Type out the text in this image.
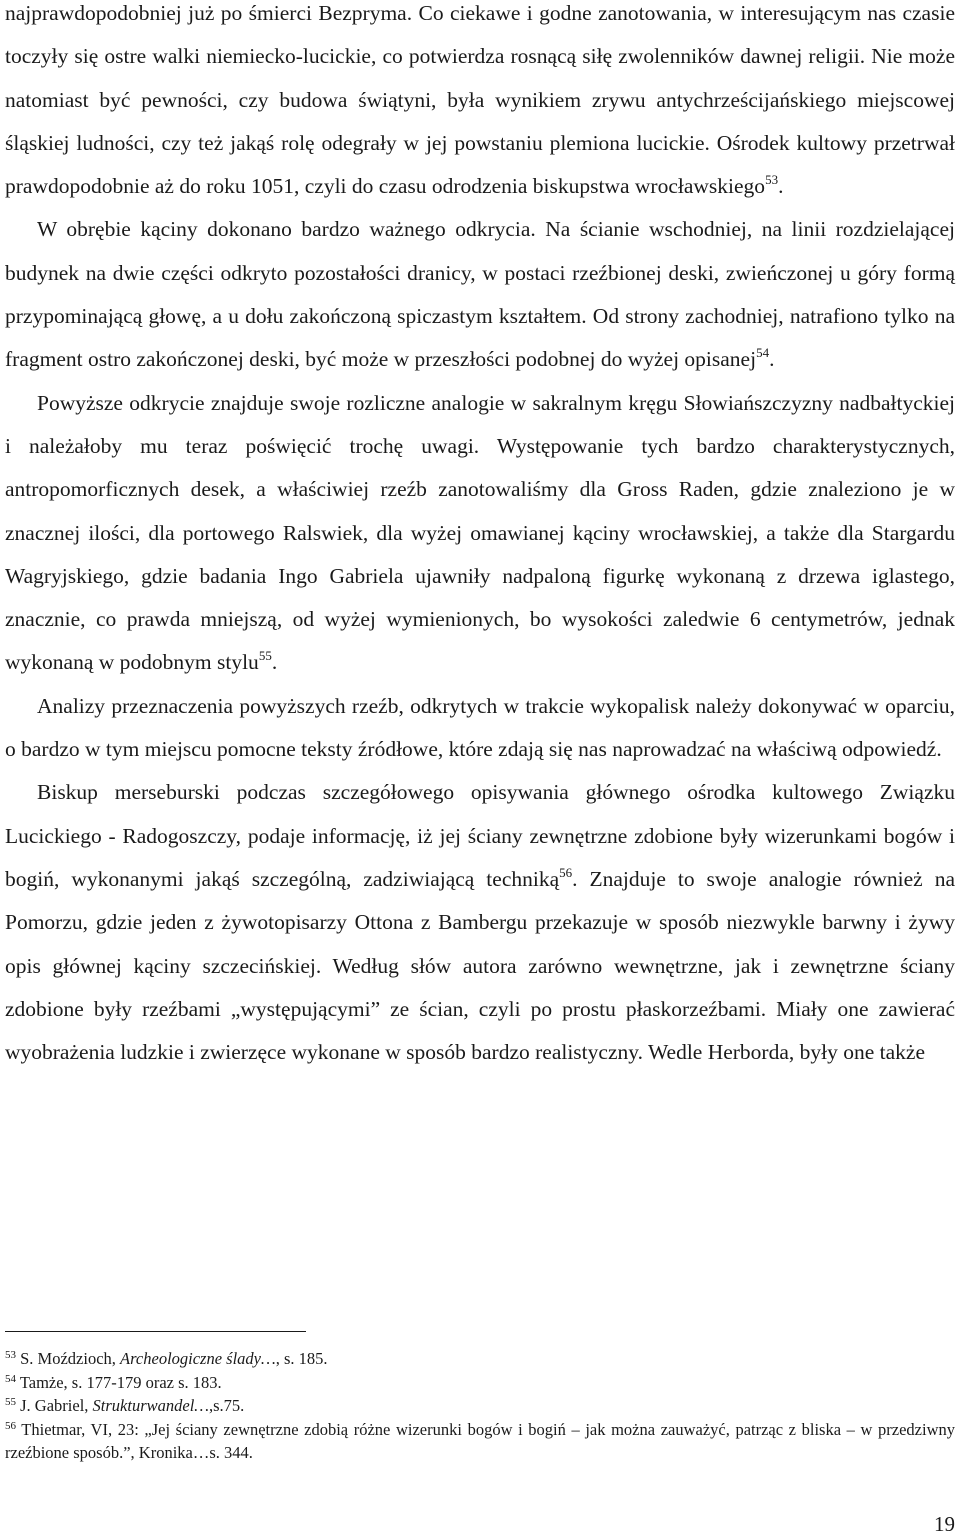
najprawdopodobniej już po śmierci Bezpryma. Co ciekawe i godne zanotowania, w interesującym nas czasie toczyły się ostre walki niemiecko-lucickie, co potwierdza rosnącą siłę zwolenników dawnej religii. Nie może natomiast być pewności, czy budowa świątyni, była wynikiem zrywu antychrześcijańskiego miejscowej śląskiej ludności, czy też jakąś rolę odegrały w jej powstaniu plemiona lucickie. Ośrodek kultowy przetrwał prawdopodobnie aż do roku 1051, czyli do czasu odrodzenia biskupstwa wrocławskiego$^{53}$.

W obrębie kąciny dokonano bardzo ważnego odkrycia. Na ścianie wschodniej, na linii rozdzielającej budynek na dwie części odkryto pozostałości dranicy, w postaci rzeźbionej deski, zwieńczonej u góry formą przypominającą głowę, a u dołu zakończoną spiczastym kształtem. Od strony zachodniej, natrafiono tylko na fragment ostro zakończonej deski, być może w przeszłości podobnej do wyżej opisanej$^{54}$.

Powyższe odkrycie znajduje swoje rozliczne analogie w sakralnym kręgu Słowiańszczyzny nadbałtyckiej i należałoby mu teraz poświęcić trochę uwagi. Występowanie tych bardzo charakterystycznych, antropomorficznych desek, a właściwiej rzeźb zanotowaliśmy dla Gross Raden, gdzie znaleziono je w znacznej ilości, dla portowego Ralswiek, dla wyżej omawianej kąciny wrocławskiej, a także dla Stargardu Wagryjskiego, gdzie badania Ingo Gabriela ujawniły nadpaloną figurkę wykonaną z drzewa iglastego, znacznie, co prawda mniejszą, od wyżej wymienionych, bo wysokości zaledwie 6 centymetrów, jednak wykonaną w podobnym stylu$^{55}$.

Analizy przeznaczenia powyższych rzeźb, odkrytych w trakcie wykopalisk należy dokonywać w oparciu, o bardzo w tym miejscu pomocne teksty źródłowe, które zdają się nas naprowadzać na właściwą odpowiedź.

Biskup merseburski podczas szczegółowego opisywania głównego ośrodka kultowego Związku Lucickiego - Radogoszczy, podaje informację, iż jej ściany zewnętrzne zdobione były wizerunkami bogów i bogiń, wykonanymi jakąś szczególną, zadziwiającą techniką$^{56}$. Znajduje to swoje analogie również na Pomorzu, gdzie jeden z żywotopisarzy Ottona z Bambergu przekazuje w sposób niezwykle barwny i żywy opis głównej kąciny szczecińskiej. Według słów autora zarówno wewnętrzne, jak i zewnętrzne ściany zdobione były rzeźbami „występującymi” ze ścian, czyli po prostu płaskorzeźbami. Miały one zawierać wyobrażenia ludzkie i zwierzęce wykonane w sposób bardzo realistyczny. Wedle Herborda, były one także

$^{53}$ S. Moździoch, Archeologiczne ślady…, s. 185.

$^{54}$ Tamże, s. 177-179 oraz s. 183.

$^{55}$ J. Gabriel, Strukturwandel…,s.75.

$^{56}$ Thietmar, VI, 23: „Jej ściany zewnętrzne zdobią różne wizerunki bogów i bogiń – jak można zauważyć, patrząc z bliska – w przedziwny rzeźbione sposób.”, Kronika…s. 344.

19
